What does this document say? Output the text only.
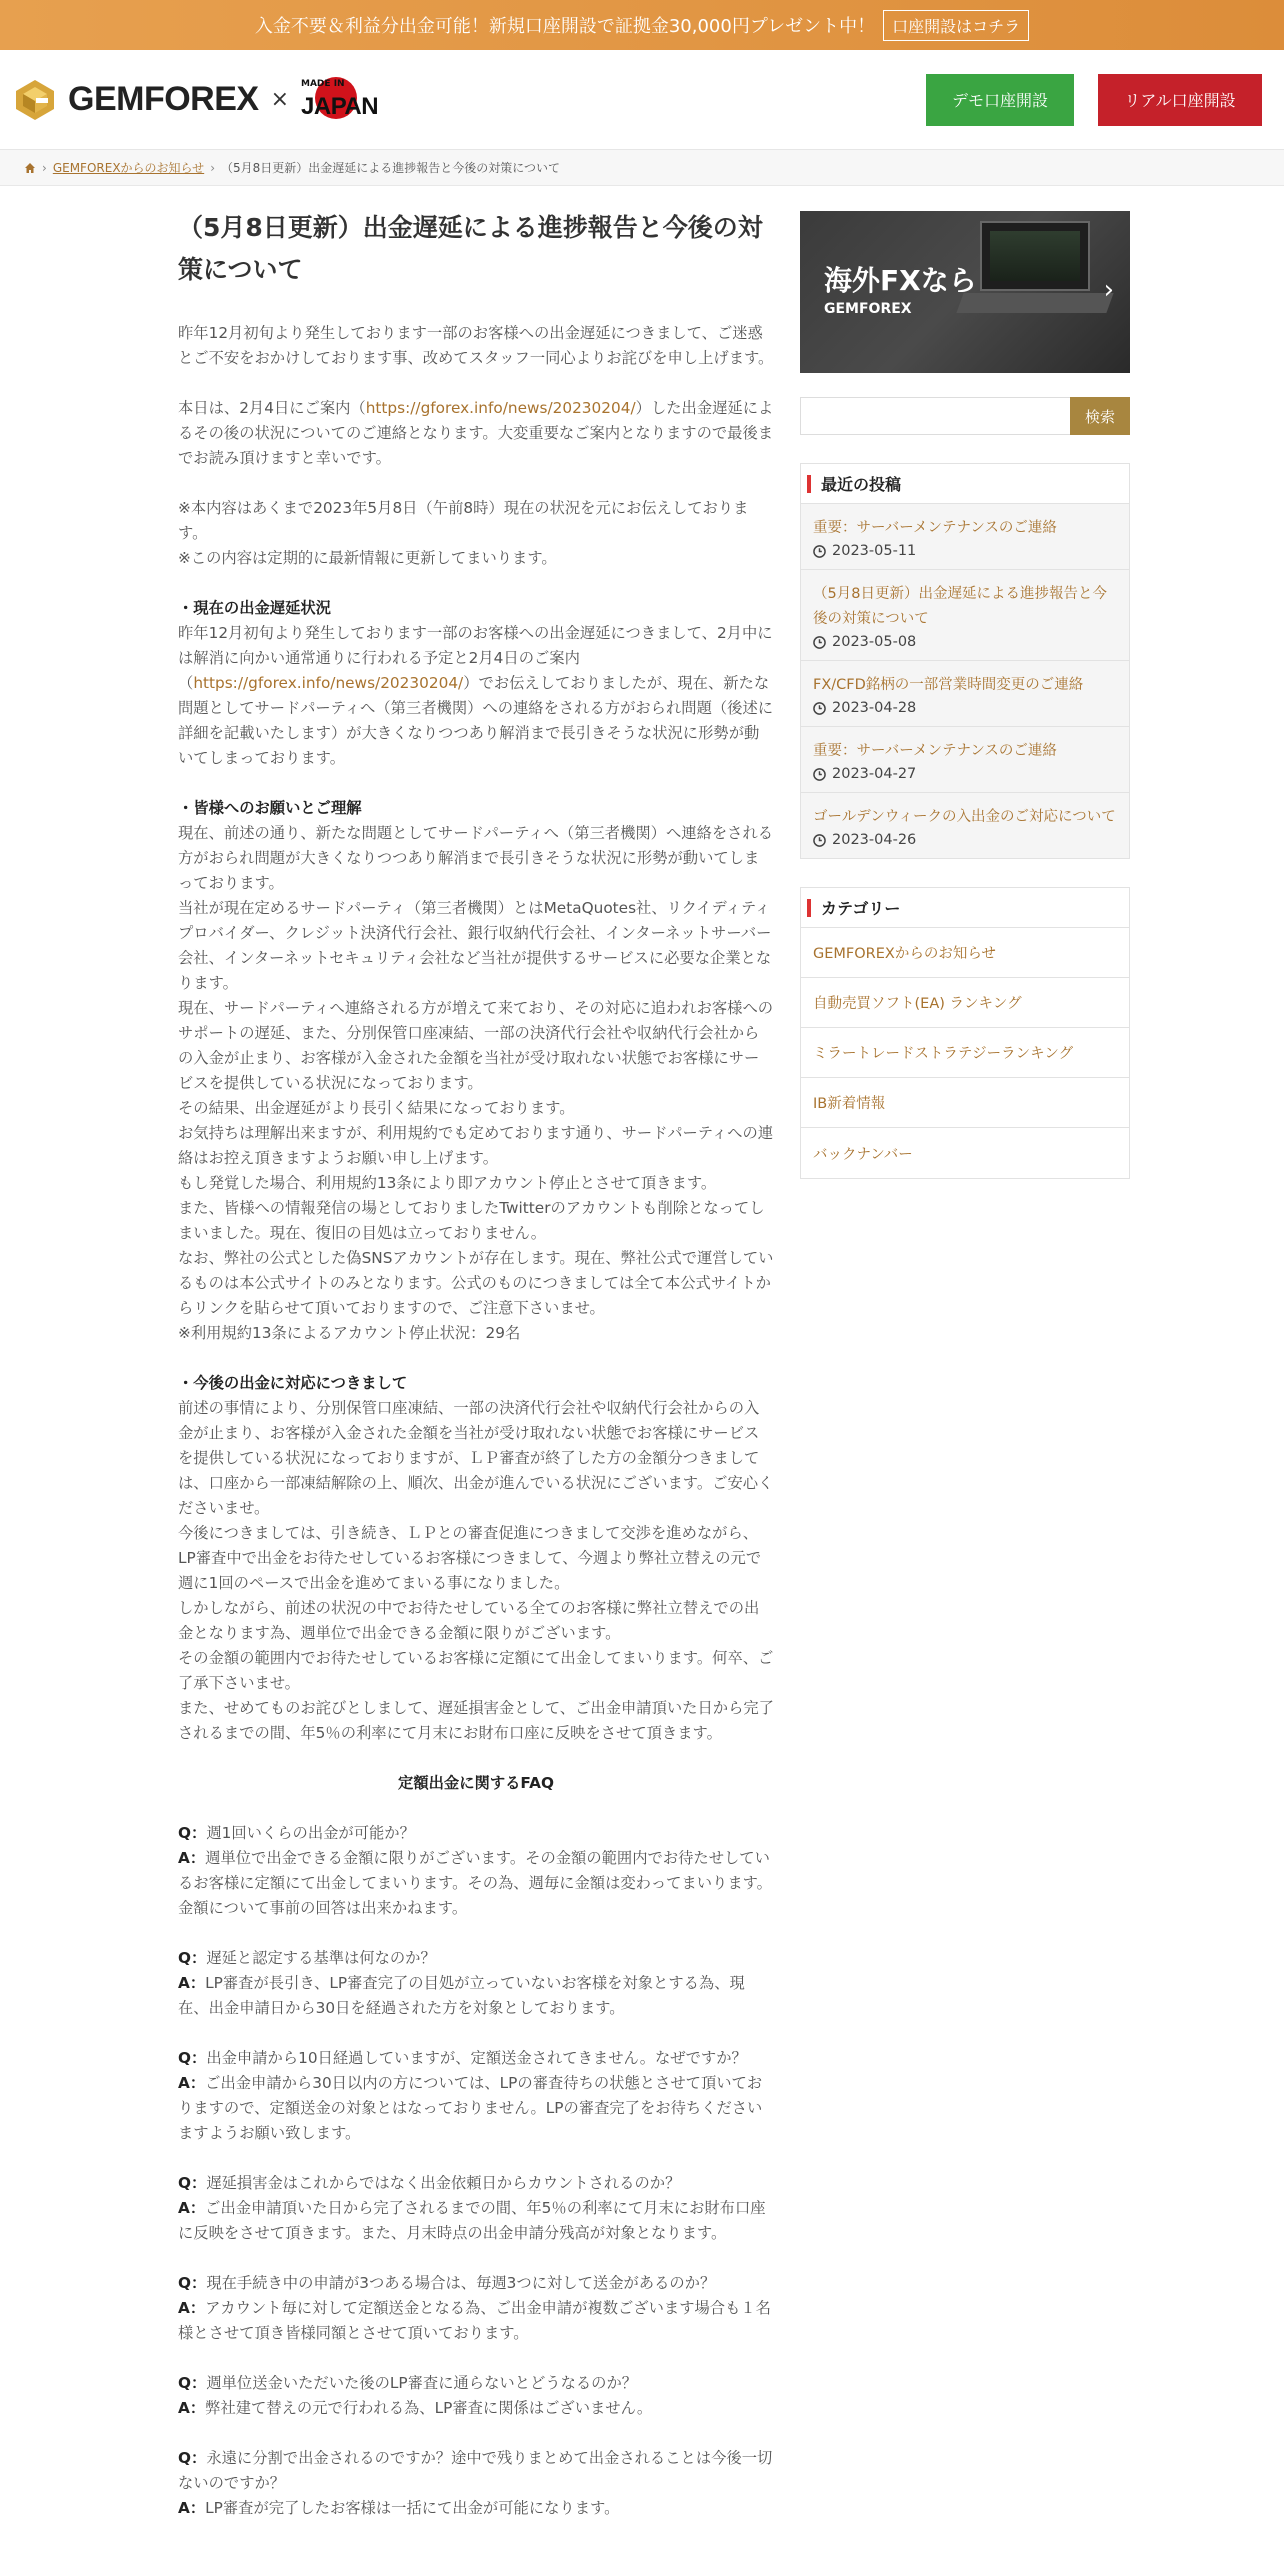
入金不要＆利益分出金可能！新規口座開設で証拠金30,000円プレゼント中！	口座開設はコチラ
GEMFOREX ×
MADE IN
JAPAN	デモ口座開設	リアル口座開設
› GEMFOREXからのお知らせ › （5月8日更新）出金遅延による進捗報告と今後の対策について
（5月8日更新）出金遅延による進捗報告と今後の対策について
昨年12月初旬より発生しております一部のお客様への出金遅延につきまして、ご迷惑とご不安をおかけしております事、改めてスタッフ一同心よりお詫びを申し上げます。
本日は、2月4日にご案内（https://gforex.info/news/20230204/）した出金遅延によるその後の状況についてのご連絡となります。大変重要なご案内となりますので最後までお読み頂けますと幸いです。
※本内容はあくまで2023年5月8日（午前8時）現在の状況を元にお伝えしております。
※この内容は定期的に最新情報に更新してまいります。
・現在の出金遅延状況
昨年12月初旬より発生しております一部のお客様への出金遅延につきまして、2月中には解消に向かい通常通りに行われる予定と2月4日のご案内（https://gforex.info/news/20230204/）でお伝えしておりましたが、現在、新たな問題としてサードパーティへ（第三者機関）への連絡をされる方がおられ問題（後述に詳細を記載いたします）が大きくなりつつあり解消まで長引きそうな状況に形勢が動いてしまっております。
・皆様へのお願いとご理解
現在、前述の通り、新たな問題としてサードパーティへ（第三者機関）へ連絡をされる方がおられ問題が大きくなりつつあり解消まで長引きそうな状況に形勢が動いてしまっております。
当社が現在定めるサードパーティ（第三者機関）とはMetaQuotes社、リクイディティプロバイダー、クレジット決済代行会社、銀行収納代行会社、インターネットサーバー会社、インターネットセキュリティ会社など当社が提供するサービスに必要な企業となります。
現在、サードパーティへ連絡される方が増えて来ており、その対応に追われお客様へのサポートの遅延、また、分別保管口座凍結、一部の決済代行会社や収納代行会社からの入金が止まり、お客様が入金された金額を当社が受け取れない状態でお客様にサービスを提供している状況になっております。
その結果、出金遅延がより長引く結果になっております。
お気持ちは理解出来ますが、利用規約でも定めております通り、サードパーティへの連絡はお控え頂きますようお願い申し上げます。
もし発覚した場合、利用規約13条により即アカウント停止とさせて頂きます。
また、皆様への情報発信の場としておりましたTwitterのアカウントも削除となってしまいました。現在、復旧の目処は立っておりません。
なお、弊社の公式とした偽SNSアカウントが存在します。現在、弊社公式で運営しているものは本公式サイトのみとなります。公式のものにつきましては全て本公式サイトからリンクを貼らせて頂いておりますので、ご注意下さいませ。
※利用規約13条によるアカウント停止状況：29名
・今後の出金に対応につきまして
前述の事情により、分別保管口座凍結、一部の決済代行会社や収納代行会社からの入金が止まり、お客様が入金された金額を当社が受け取れない状態でお客様にサービスを提供している状況になっておりますが、ＬＰ審査が終了した方の金額分つきましては、口座から一部凍結解除の上、順次、出金が進んでいる状況にございます。ご安心くださいませ。
今後につきましては、引き続き、ＬＰとの審査促進につきまして交渉を進めながら、LP審査中で出金をお待たせしているお客様につきまして、今週より弊社立替えの元で週に1回のペースで出金を進めてまいる事になりました。
しかしながら、前述の状況の中でお待たせしている全てのお客様に弊社立替えでの出金となります為、週単位で出金できる金額に限りがございます。
その金額の範囲内でお待たせしているお客様に定額にて出金してまいります。何卒、ご了承下さいませ。
また、せめてものお詫びとしまして、遅延損害金として、ご出金申請頂いた日から完了されるまでの間、年5％の利率にて月末にお財布口座に反映をさせて頂きます。
定額出金に関するFAQ
Q：週1回いくらの出金が可能か？
A：週単位で出金できる金額に限りがございます。その金額の範囲内でお待たせしているお客様に定額にて出金してまいります。その為、週毎に金額は変わってまいります。金額について事前の回答は出来かねます。
Q：遅延と認定する基準は何なのか？
A：LP審査が長引き、LP審査完了の目処が立っていないお客様を対象とする為、現在、出金申請日から30日を経過された方を対象としております。
Q：出金申請から10日経過していますが、定額送金されてきません。なぜですか？
A：ご出金申請から30日以内の方については、LPの審査待ちの状態とさせて頂いておりますので、定額送金の対象とはなっておりません。LPの審査完了をお待ちくださいますようお願い致します。
Q：遅延損害金はこれからではなく出金依頼日からカウントされるのか？
A：ご出金申請頂いた日から完了されるまでの間、年5％の利率にて月末にお財布口座に反映をさせて頂きます。また、月末時点の出金申請分残高が対象となります。
Q：現在手続き中の申請が3つある場合は、毎週3つに対して送金があるのか？
A：アカウント毎に対して定額送金となる為、ご出金申請が複数ございます場合も１名様とさせて頂き皆様同額とさせて頂いております。
Q：週単位送金いただいた後のLP審査に通らないとどうなるのか？
A：弊社建て替えの元で行われる為、LP審査に関係はございません。
Q：永遠に分割で出金されるのですか？途中で残りまとめて出金されることは今後一切ないのですか？
A：LP審査が完了したお客様は一括にて出金が可能になります。
海外FXなら
GEMFOREX
›
検索
最近の投稿
重要：サーバーメンテナンスのご連絡
2023-05-11
（5月8日更新）出金遅延による進捗報告と今後の対策について
2023-05-08
FX/CFD銘柄の一部営業時間変更のご連絡
2023-04-28
重要：サーバーメンテナンスのご連絡
2023-04-27
ゴールデンウィークの入出金のご対応について
2023-04-26
カテゴリー
GEMFOREXからのお知らせ
自動売買ソフト(EA) ランキング
ミラートレードストラテジーランキング
IB新着情報
バックナンバー
